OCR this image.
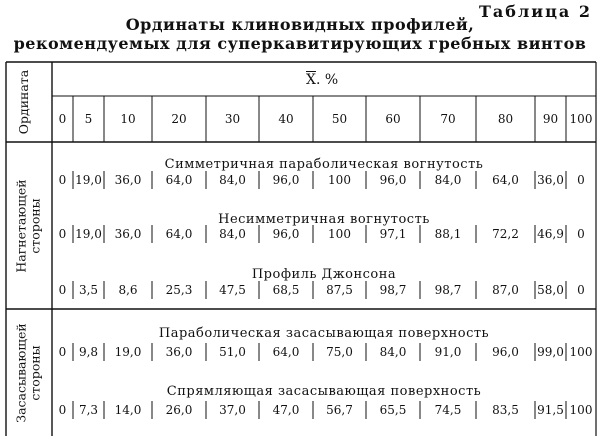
Таблица 2
Ординаты клиновидных профилей,
рекомендуемых для суперкавитирующих гребных винтов
Ордината	$\overline{X}$. %
0	5	10	20	30	40	50	60	70	80	90 100
Нагнетающей стороны
Симметричная параболическая вогнутость
0 19,0	36,0	64,0	84,0	96,0	100	96,0	84,0	64,0	36,0	0
Несимметричная вогнутость
0 19,0	36,0	64,0	84,0	96,0	100	97,1	88,1	72,2	46,9	0
Профиль Джонсона
0	3,5	8,6	25,3	47,5	68,5	87,5	98,7	98,7	87,0	58,0	0
Засасывающей стороны
Параболическая засасывающая поверхность
0	9,8	19,0	36,0	51,0	64,0	75,0	84,0	91,0	96,0	99,0 100
Спрямляющая засасывающая поверхность
0	7,3	14,0	26,0	37,0	47,0	56,7	65,5	74,5	83,5	91,5 100
